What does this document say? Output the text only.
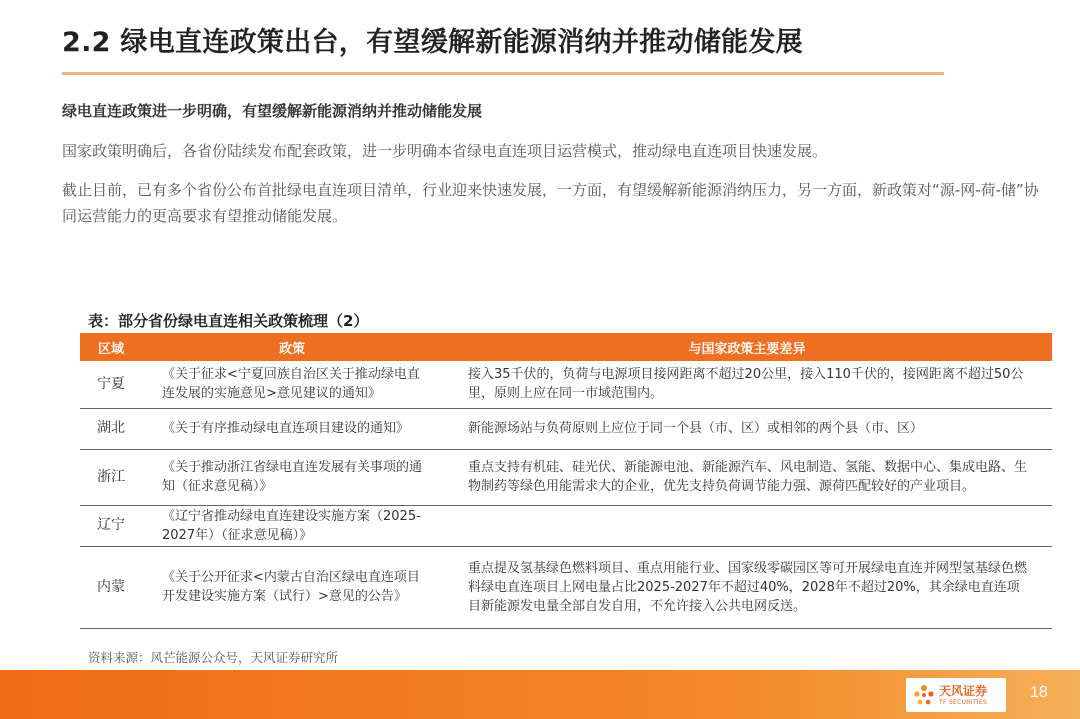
2.2 绿电直连政策出台，有望缓解新能源消纳并推动储能发展
绿电直连政策进一步明确，有望缓解新能源消纳并推动储能发展

国家政策明确后，各省份陆续发布配套政策，进一步明确本省绿电直连项目运营模式，推动绿电直连项目快速发展。

截止目前，已有多个省份公布首批绿电直连项目清单，行业迎来快速发展，一方面，有望缓解新能源消纳压力，另一方面，新政策对“源-网-荷-储”协同运营能力的更高要求有望推动储能发展。

表：部分省份绿电直连相关政策梳理（2）
区域	政策	与国家政策主要差异
宁夏	《关于征求<宁夏回族自治区关于推动绿电直连发展的实施意见>意见建议的通知》	接入35千伏的，负荷与电源项目接网距离不超过20公里，接入110千伏的，接网距离不超过50公里，原则上应在同一市域范围内。
湖北	《关于有序推动绿电直连项目建设的通知》	新能源场站与负荷原则上应位于同一个县（市、区）或相邻的两个县（市、区）
浙江	《关于推动浙江省绿电直连发展有关事项的通知（征求意见稿）》	重点支持有机硅、硅光伏、新能源电池、新能源汽车、风电制造、氢能、数据中心、集成电路、生物制药等绿色用能需求大的企业，优先支持负荷调节能力强、源荷匹配较好的产业项目。
辽宁	《辽宁省推动绿电直连建设实施方案（2025-2027年）（征求意见稿）》	
内蒙	《关于公开征求<内蒙古自治区绿电直连项目开发建设实施方案（试行）>意见的公告》	重点提及氢基绿色燃料项目、重点用能行业、国家级零碳园区等可开展绿电直连并网型氢基绿色燃料绿电直连项目上网电量占比2025-2027年不超过40%，2028年不超过20%，其余绿电直连项目新能源发电量全部自发自用，不允许接入公共电网反送。
资料来源：风芒能源公众号，天风证券研究所
天风证券
TF SECURITIES
18
